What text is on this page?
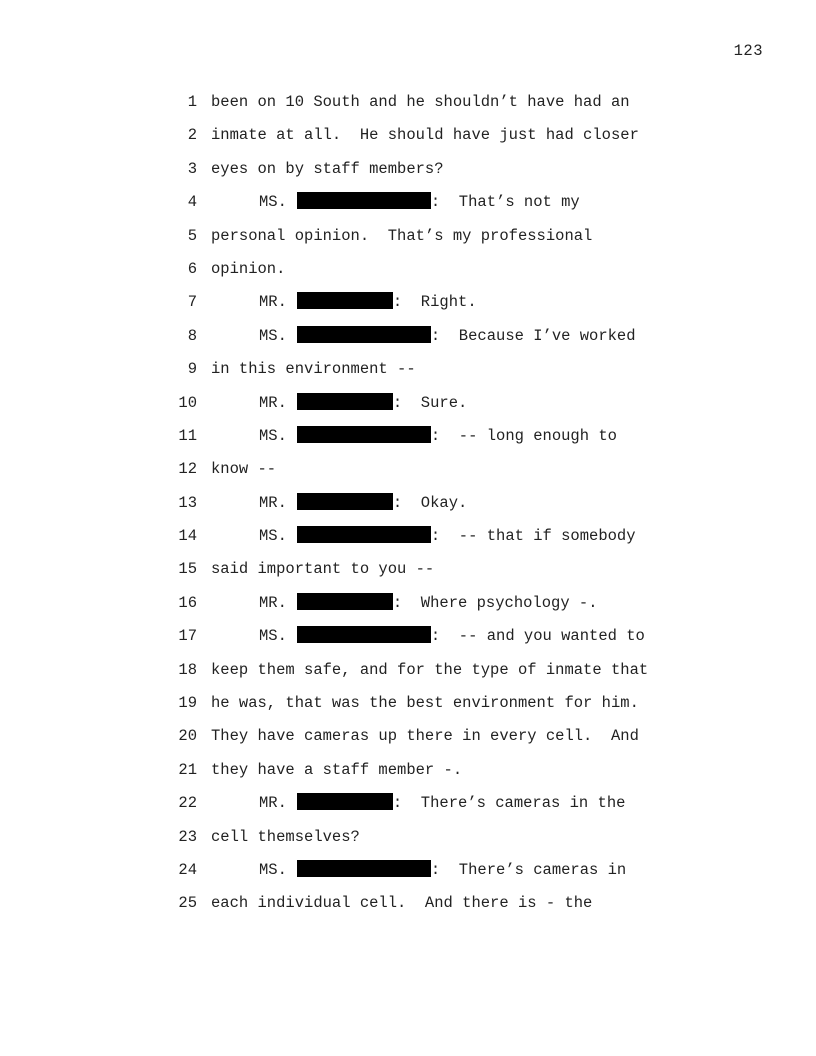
123
1 been on 10 South and he shouldn’t have had an
2 inmate at all.  He should have just had closer
3 eyes on by staff members?
4	MS.	:  That’s not my
5 personal opinion.  That’s my professional
6 opinion.
7	MR.	:  Right.
8	MS.	:  Because I’ve worked
9 in this environment --
10	MR.	:  Sure.
11	MS.	:  -- long enough to
12 know --
13	MR.	:  Okay.
14	MS.	:  -- that if somebody
15 said important to you --
16	MR.	:  Where psychology -.
17	MS.	:  -- and you wanted to
18 keep them safe, and for the type of inmate that
19 he was, that was the best environment for him.
20 They have cameras up there in every cell.  And
21 they have a staff member -.
22	MR.	:  There’s cameras in the
23 cell themselves?
24	MS.	:  There’s cameras in
25 each individual cell.  And there is - the
